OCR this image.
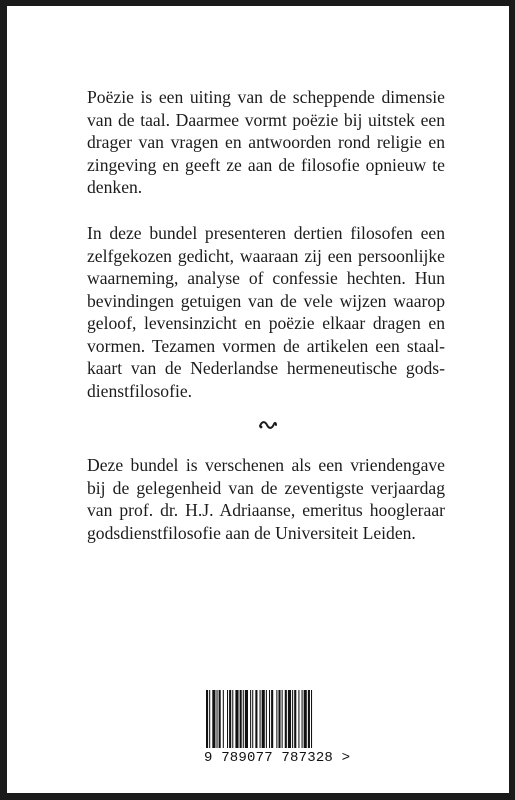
Poëzie is een uiting van de scheppende dimensie van de taal. Daarmee vormt poëzie bij uitstek een drager van vragen en antwoorden rond religie en zingeving en geeft ze aan de filosofie opnieuw te denken.

In deze bundel presenteren dertien filosofen een zelfgekozen gedicht, waaraan zij een persoonlijke waarneming, analyse of confessie hechten. Hun bevindingen getuigen van de vele wijzen waarop geloof, levensinzicht en poëzie elkaar dragen en vormen. Tezamen vormen de artikelen een staal-kaart van de Nederlandse hermeneutische gods-dienstfilosofie.

Deze bundel is verschenen als een vriendengave bij de gelegenheid van de zeventigste verjaardag van prof. dr. H.J. Adriaanse, emeritus hoogleraar godsdienstfilosofie aan de Universiteit Leiden.

9 789077 787328 >
